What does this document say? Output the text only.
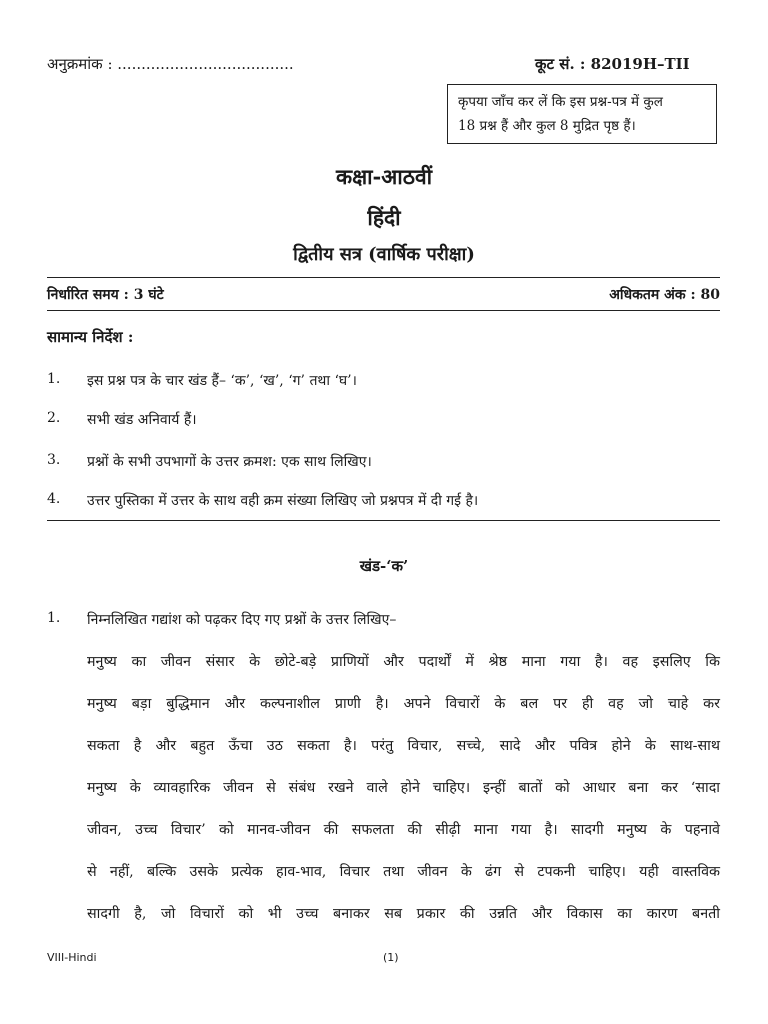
अनुक्रमांक : .....................................	कूट सं. : 82019H–TII
कृपया जाँच कर लें कि इस प्रश्न-पत्र में कुल
18 प्रश्न हैं और कुल 8 मुद्रित पृष्ठ हैं।
कक्षा-आठवीं
हिंदी
द्वितीय सत्र (वार्षिक परीक्षा)
निर्धारित समय : 3 घंटे	अधिकतम अंक : 80
सामान्य निर्देश :
1. इस प्रश्न पत्र के चार खंड हैं– ‘क’, ‘ख’, ‘ग’ तथा ‘घ’।
2. सभी खंड अनिवार्य हैं।
3. प्रश्नों के सभी उपभागों के उत्तर क्रमश: एक साथ लिखिए।
4. उत्तर पुस्तिका में उत्तर के साथ वही क्रम संख्या लिखिए जो प्रश्नपत्र में दी गई है।
खंड-‘क’
1. निम्नलिखित गद्यांश को पढ़कर दिए गए प्रश्नों के उत्तर लिखिए–
मनुष्य का जीवन संसार के छोटे-बड़े प्राणियों और पदार्थों में श्रेष्ठ माना गया है। वह इसलिए कि
मनुष्य बड़ा बुद्धिमान और कल्पनाशील प्राणी है। अपने विचारों के बल पर ही वह जो चाहे कर
सकता है और बहुत ऊँचा उठ सकता है। परंतु विचार, सच्चे, सादे और पवित्र होने के साथ-साथ
मनुष्य के व्यावहारिक जीवन से संबंध रखने वाले होने चाहिए। इन्हीं बातों को आधार बना कर ‘सादा
जीवन, उच्च विचार’ को मानव-जीवन की सफलता की सीढ़ी माना गया है। सादगी मनुष्य के पहनावे
से नहीं, बल्कि उसके प्रत्येक हाव-भाव, विचार तथा जीवन के ढंग से टपकनी चाहिए। यही वास्तविक
सादगी है, जो विचारों को भी उच्च बनाकर सब प्रकार की उन्नति और विकास का कारण बनती
VIII-Hindi	(1)
